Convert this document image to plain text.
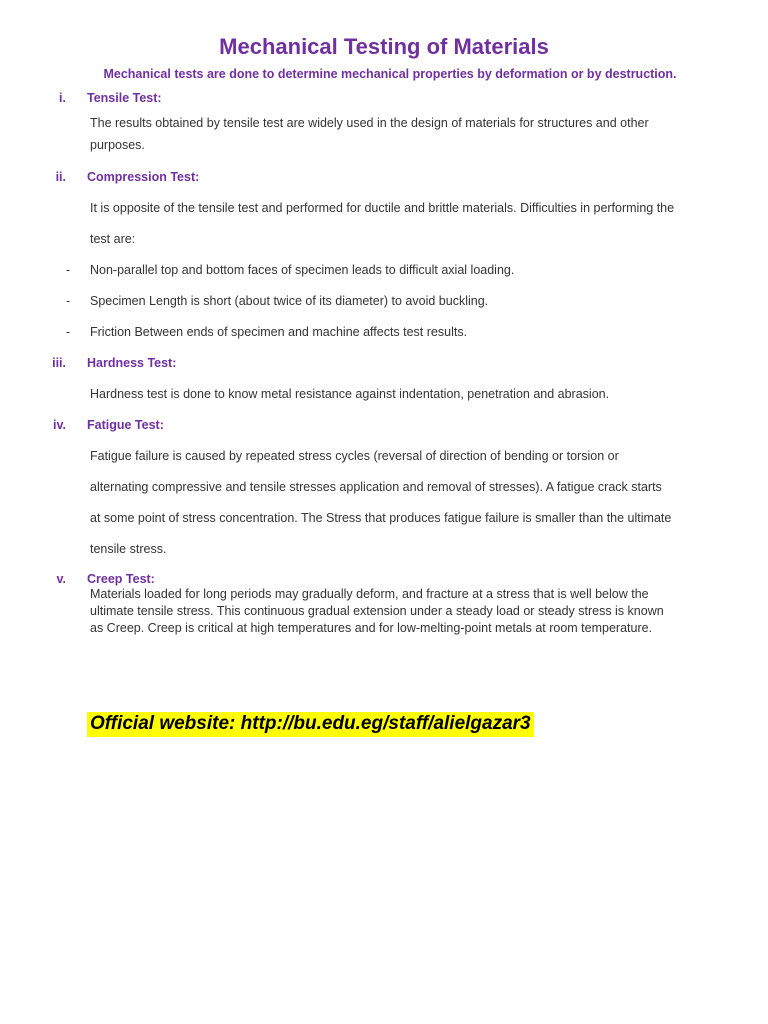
Mechanical Testing of Materials
Mechanical tests are done to determine mechanical properties by deformation or by destruction.
i. Tensile Test:
The results obtained by tensile test are widely used in the design of materials for structures and other
purposes.
ii. Compression Test:
It is opposite of the tensile test and performed for ductile and brittle materials. Difficulties in performing the
test are:
- Non-parallel top and bottom faces of specimen leads to difficult axial loading.
- Specimen Length is short (about twice of its diameter) to avoid buckling.
- Friction Between ends of specimen and machine affects test results.
iii. Hardness Test:
Hardness test is done to know metal resistance against indentation, penetration and abrasion.
iv. Fatigue Test:
Fatigue failure is caused by repeated stress cycles (reversal of direction of bending or torsion or
alternating compressive and tensile stresses application and removal of stresses). A fatigue crack starts
at some point of stress concentration. The Stress that produces fatigue failure is smaller than the ultimate
tensile stress.
v. Creep Test:
Materials loaded for long periods may gradually deform, and fracture at a stress that is well below the ultimate tensile stress. This continuous gradual extension under a steady load or steady stress is known as Creep. Creep is critical at high temperatures and for low-melting-point metals at room temperature.
Official website: http://bu.edu.eg/staff/alielgazar3
